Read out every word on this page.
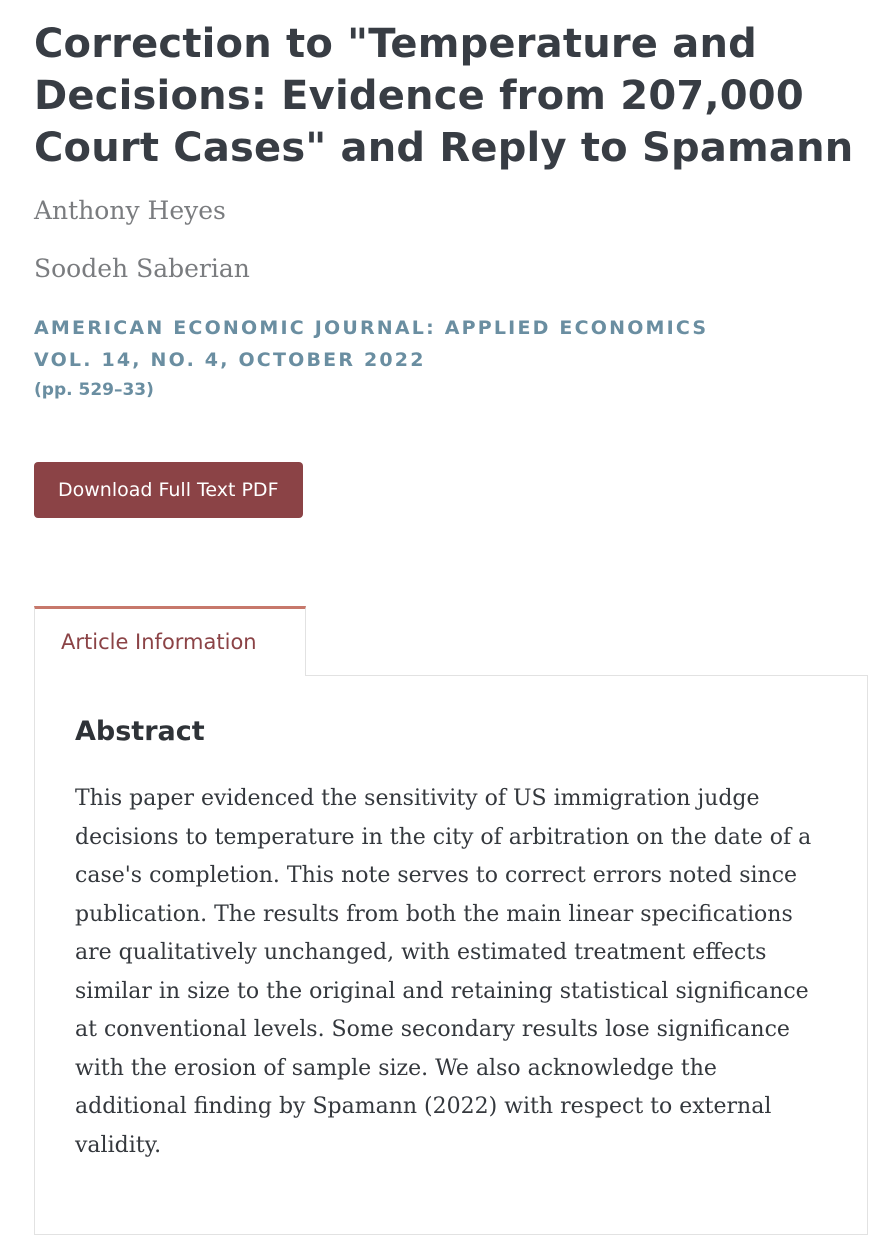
Correction to "Temperature and Decisions: Evidence from 207,000 Court Cases" and Reply to Spamann
Anthony Heyes
Soodeh Saberian
AMERICAN ECONOMIC JOURNAL: APPLIED ECONOMICS
VOL. 14, NO. 4, OCTOBER 2022
(pp. 529–33)
Download Full Text PDF
Article Information
Abstract

This paper evidenced the sensitivity of US immigration judge decisions to temperature in the city of arbitration on the date of a case's completion. This note serves to correct errors noted since publication. The results from both the main linear specifications are qualitatively unchanged, with estimated treatment effects similar in size to the original and retaining statistical significance at conventional levels. Some secondary results lose significance with the erosion of sample size. We also acknowledge the additional finding by Spamann (2022) with respect to external validity.
